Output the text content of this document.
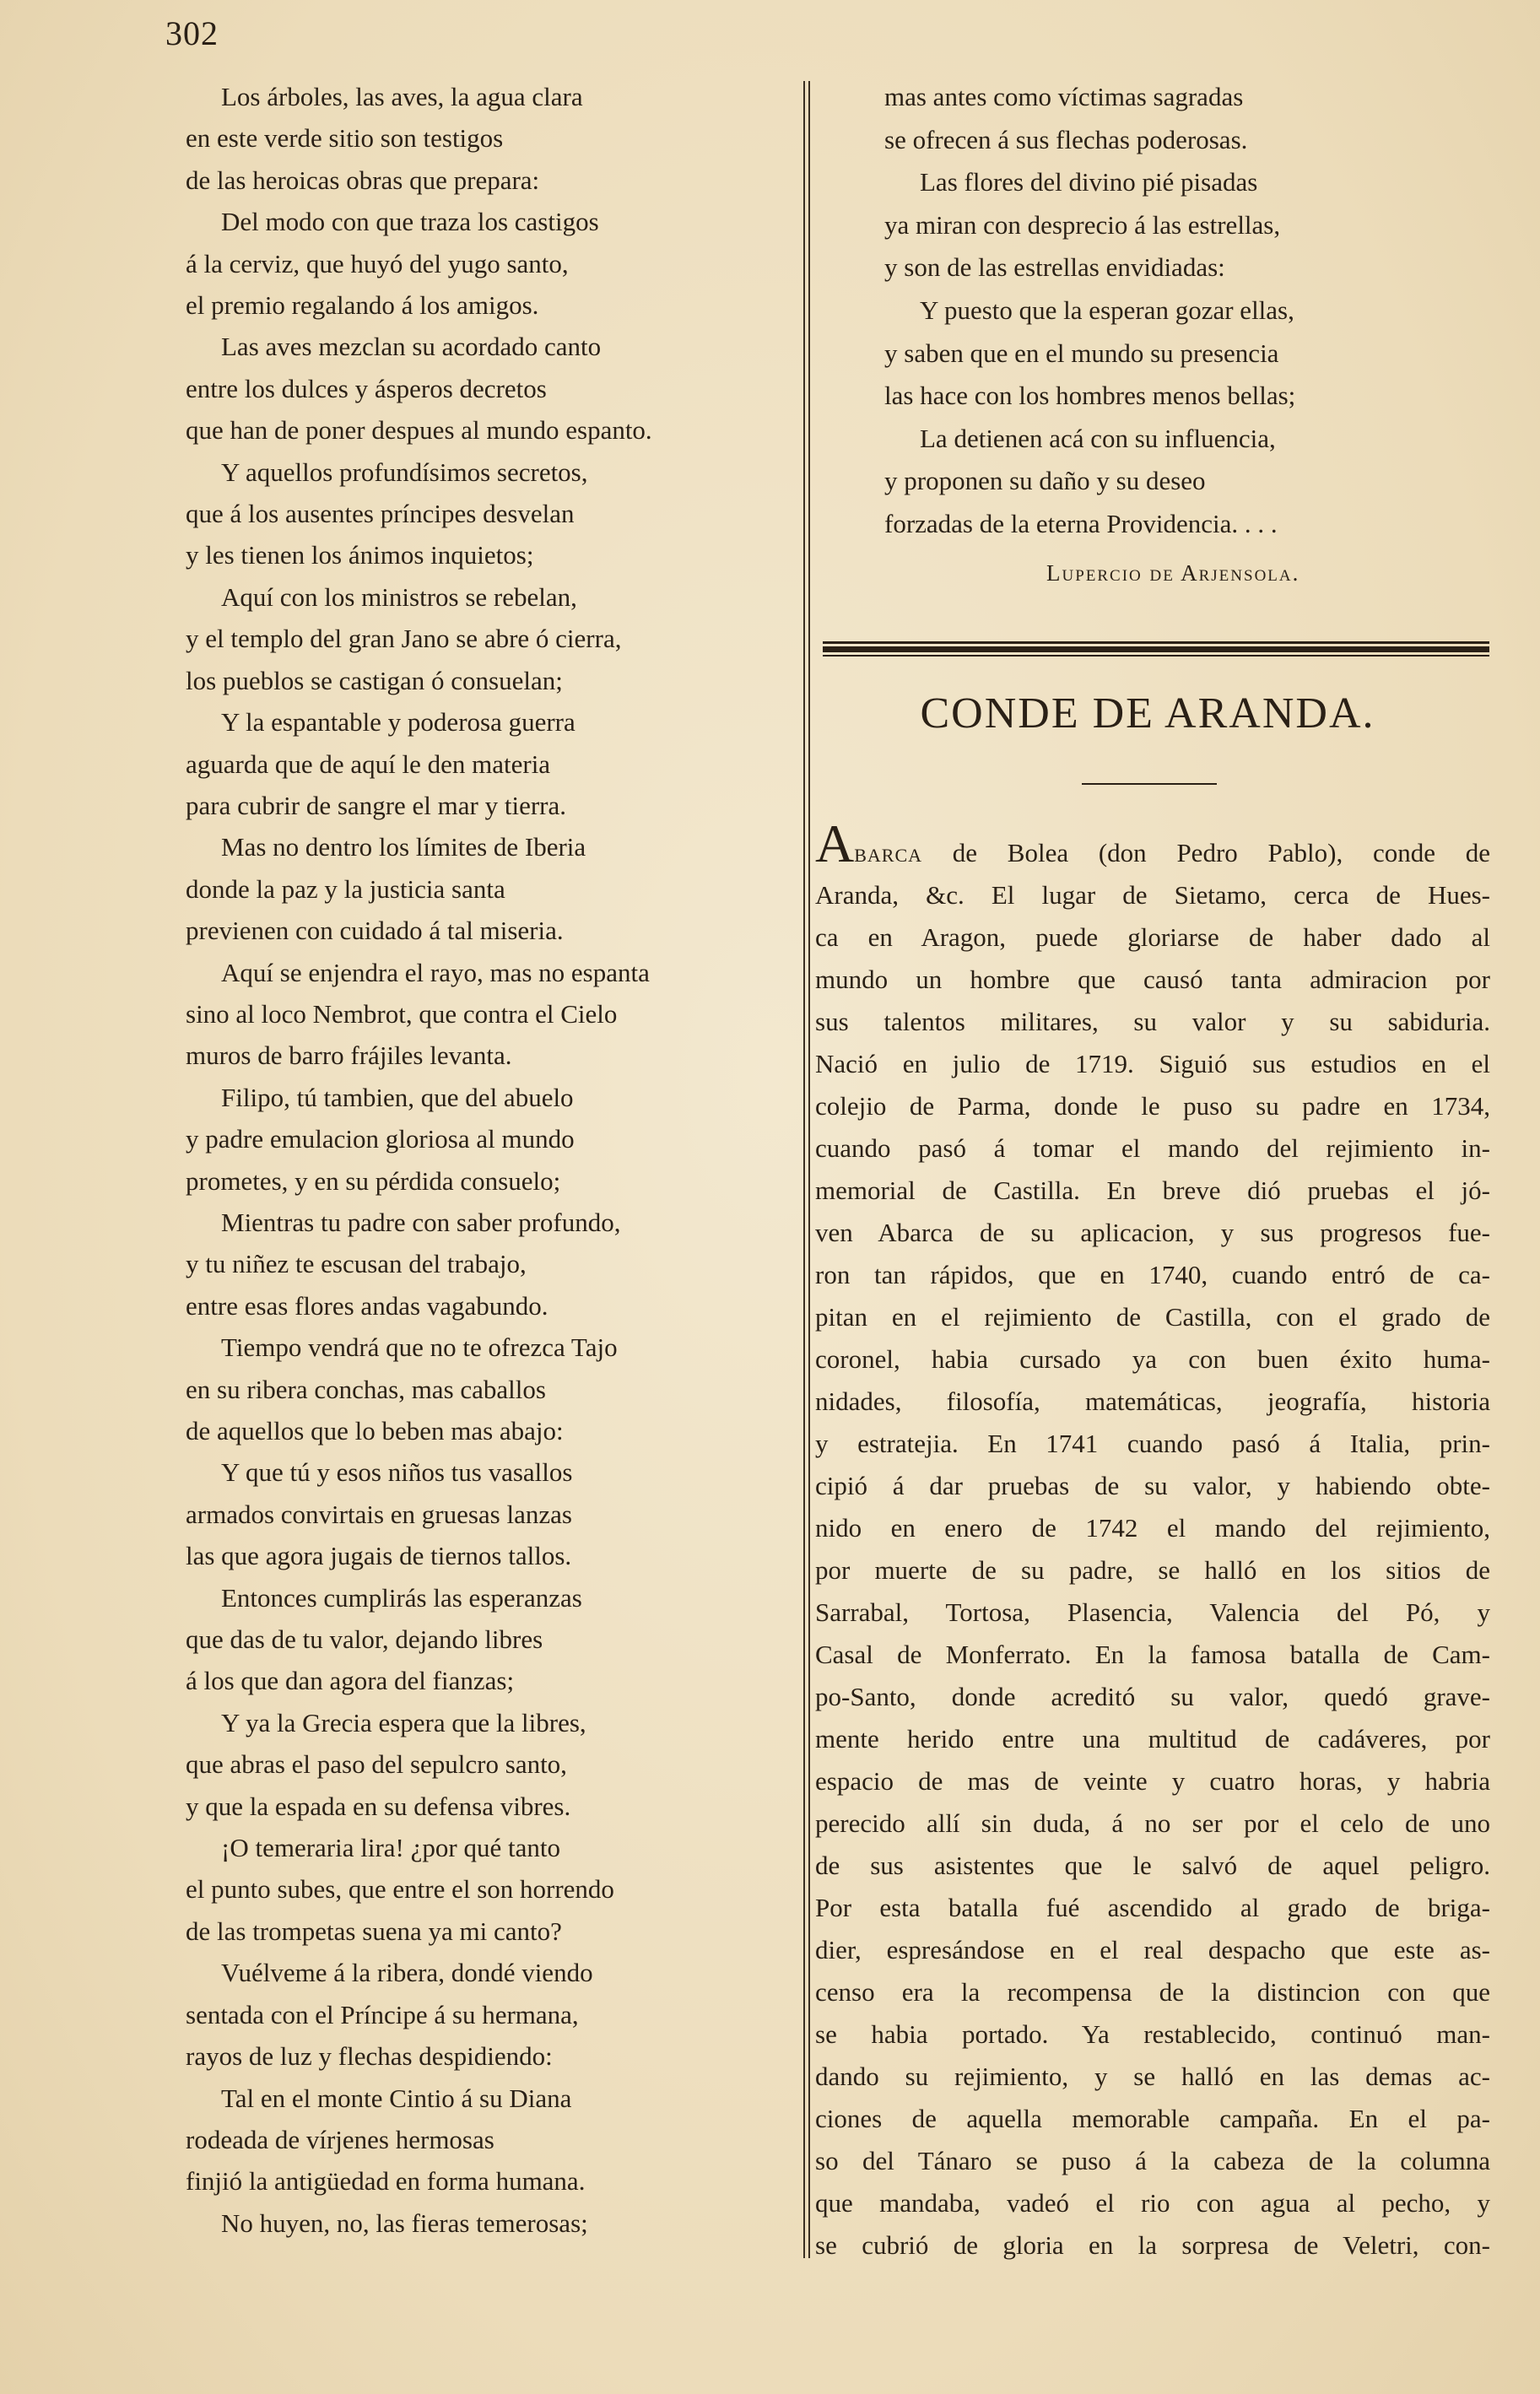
302
Los árboles, las aves, la agua clara
en este verde sitio son testigos
de las heroicas obras que prepara:
Del modo con que traza los castigos
á la cerviz, que huyó del yugo santo,
el premio regalando á los amigos.
Las aves mezclan su acordado canto
entre los dulces y ásperos decretos
que han de poner despues al mundo espanto.
Y aquellos profundísimos secretos,
que á los ausentes príncipes desvelan
y les tienen los ánimos inquietos;
Aquí con los ministros se rebelan,
y el templo del gran Jano se abre ó cierra,
los pueblos se castigan ó consuelan;
Y la espantable y poderosa guerra
aguarda que de aquí le den materia
para cubrir de sangre el mar y tierra.
Mas no dentro los límites de Iberia
donde la paz y la justicia santa
previenen con cuidado á tal miseria.
Aquí se enjendra el rayo, mas no espanta
sino al loco Nembrot, que contra el Cielo
muros de barro frájiles levanta.
Filipo, tú tambien, que del abuelo
y padre emulacion gloriosa al mundo
prometes, y en su pérdida consuelo;
Mientras tu padre con saber profundo,
y tu niñez te escusan del trabajo,
entre esas flores andas vagabundo.
Tiempo vendrá que no te ofrezca Tajo
en su ribera conchas, mas caballos
de aquellos que lo beben mas abajo:
Y que tú y esos niños tus vasallos
armados convirtais en gruesas lanzas
las que agora jugais de tiernos tallos.
Entonces cumplirás las esperanzas
que das de tu valor, dejando libres
á los que dan agora del fianzas;
Y ya la Grecia espera que la libres,
que abras el paso del sepulcro santo,
y que la espada en su defensa vibres.
¡O temeraria lira! ¿por qué tanto
el punto subes, que entre el son horrendo
de las trompetas suena ya mi canto?
Vuélveme á la ribera, dondé viendo
sentada con el Príncipe á su hermana,
rayos de luz y flechas despidiendo:
Tal en el monte Cintio á su Diana
rodeada de vírjenes hermosas
finjió la antigüedad en forma humana.
No huyen, no, las fieras temerosas;
mas antes como víctimas sagradas
se ofrecen á sus flechas poderosas.
Las flores del divino pié pisadas
ya miran con desprecio á las estrellas,
y son de las estrellas envidiadas:
Y puesto que la esperan gozar ellas,
y saben que en el mundo su presencia
las hace con los hombres menos bellas;
La detienen acá con su influencia,
y proponen su daño y su deseo
forzadas de la eterna Providencia. . . .
Lupercio de Arjensola.
CONDE DE ARANDA.
Abarca de Bolea (don Pedro Pablo), conde de
Aranda, &c. El lugar de Sietamo, cerca de Hues-
ca en Aragon, puede gloriarse de haber dado al
mundo un hombre que causó tanta admiracion por
sus talentos militares, su valor y su sabiduria.
Nació en julio de 1719. Siguió sus estudios en el
colejio de Parma, donde le puso su padre en 1734,
cuando pasó á tomar el mando del rejimiento in-
memorial de Castilla. En breve dió pruebas el jó-
ven Abarca de su aplicacion, y sus progresos fue-
ron tan rápidos, que en 1740, cuando entró de ca-
pitan en el rejimiento de Castilla, con el grado de
coronel, habia cursado ya con buen éxito huma-
nidades, filosofía, matemáticas, jeografía, historia
y estratejia. En 1741 cuando pasó á Italia, prin-
cipió á dar pruebas de su valor, y habiendo obte-
nido en enero de 1742 el mando del rejimiento,
por muerte de su padre, se halló en los sitios de
Sarrabal, Tortosa, Plasencia, Valencia del Pó, y
Casal de Monferrato. En la famosa batalla de Cam-
po-Santo, donde acreditó su valor, quedó grave-
mente herido entre una multitud de cadáveres, por
espacio de mas de veinte y cuatro horas, y habria
perecido allí sin duda, á no ser por el celo de uno
de sus asistentes que le salvó de aquel peligro.
Por esta batalla fué ascendido al grado de briga-
dier, espresándose en el real despacho que este as-
censo era la recompensa de la distincion con que
se habia portado. Ya restablecido, continuó man-
dando su rejimiento, y se halló en las demas ac-
ciones de aquella memorable campaña. En el pa-
so del Tánaro se puso á la cabeza de la columna
que mandaba, vadeó el rio con agua al pecho, y
se cubrió de gloria en la sorpresa de Veletri, con-
